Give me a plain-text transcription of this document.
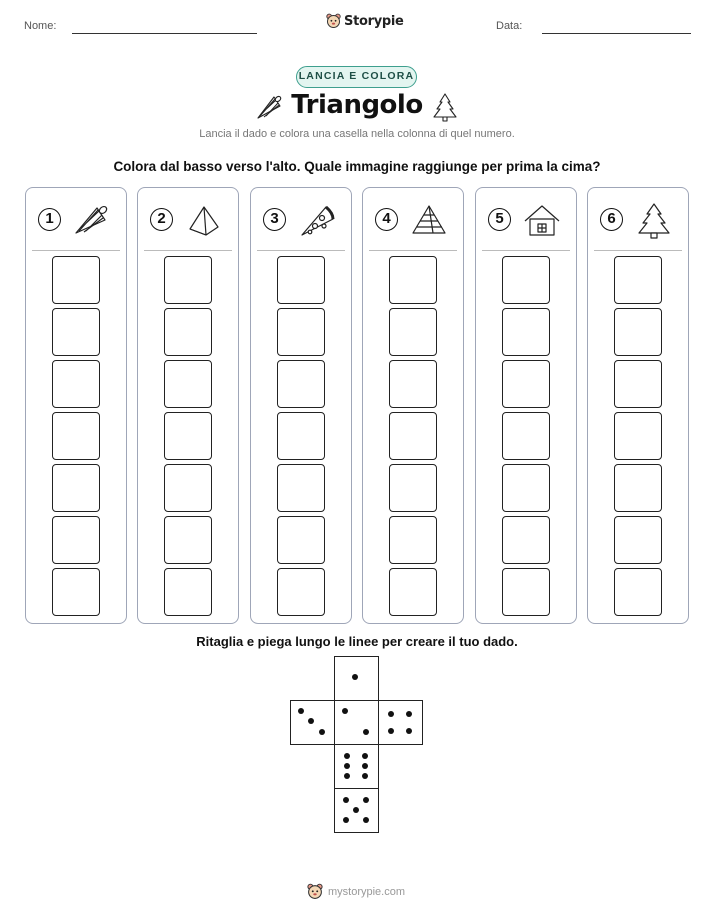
Nome:	Storypie	Data:
LANCIA E COLORA
Triangolo
Lancia il dado e colora una casella nella colonna di quel numero.
Colora dal basso verso l'alto. Quale immagine raggiunge per prima la cima?
1	2	3	4	5	6
Ritaglia e piega lungo le linee per creare il tuo dado.
mystorypie.com
